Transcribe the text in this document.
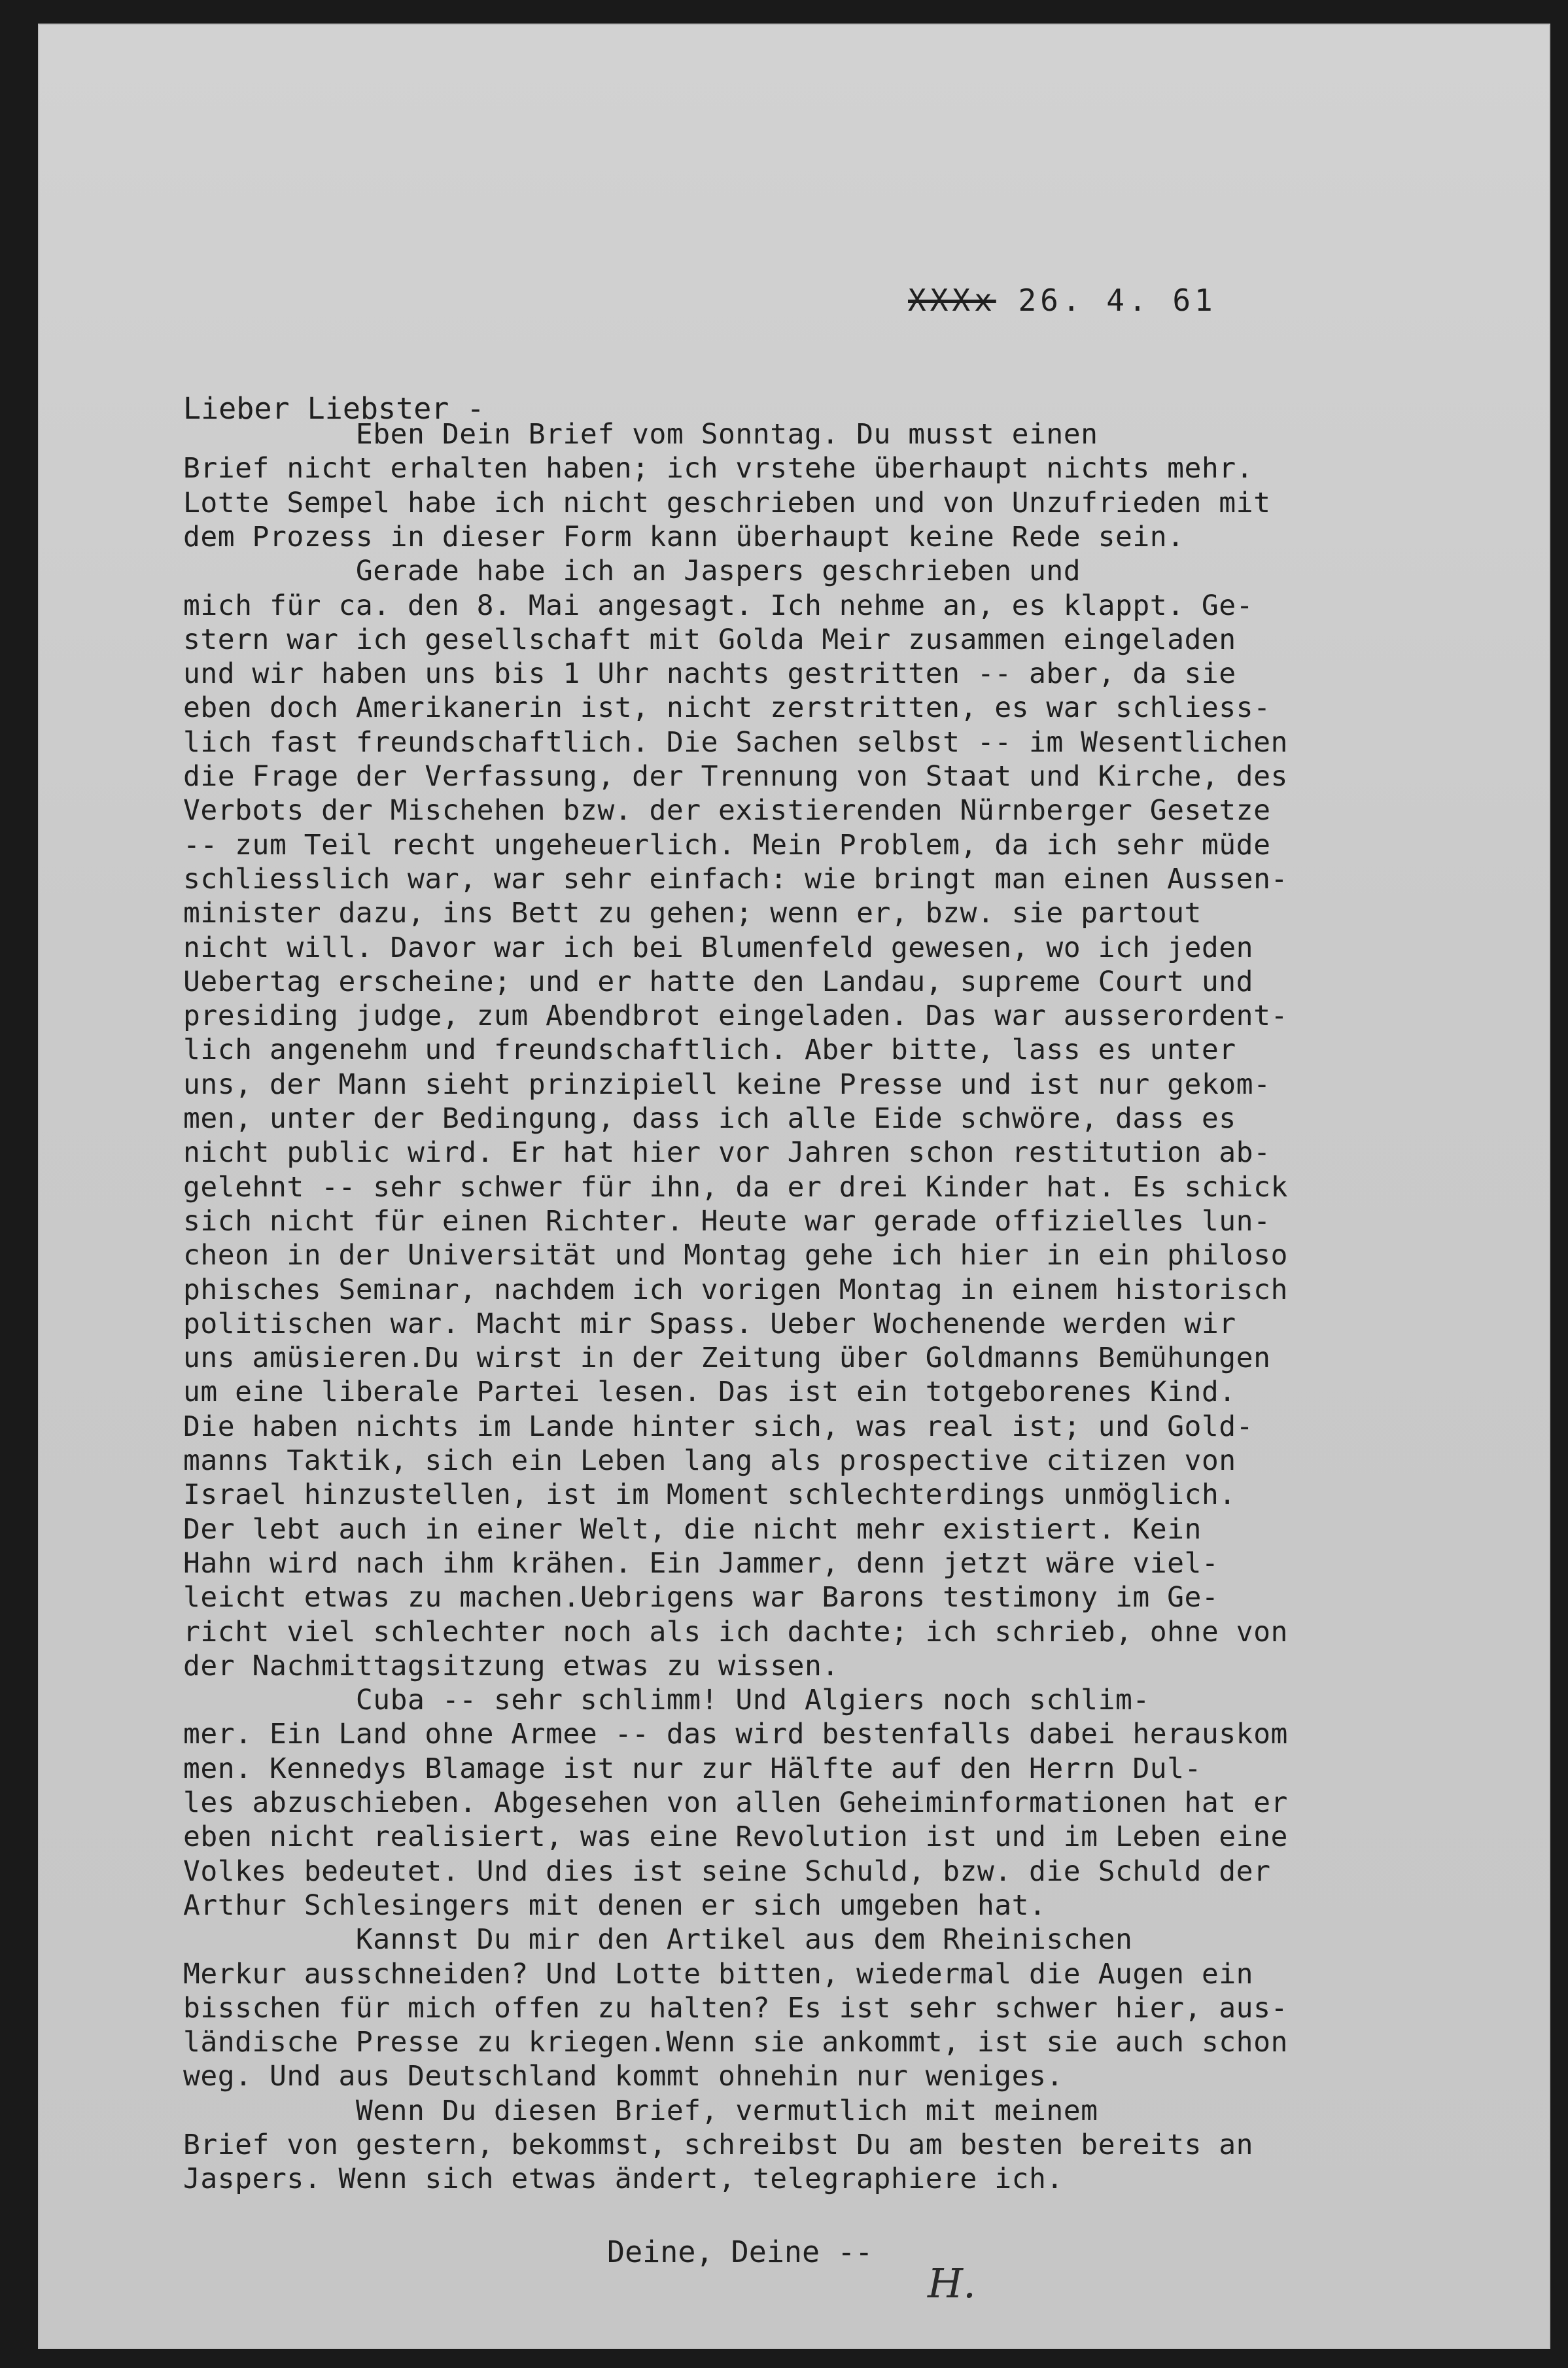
XXXx 26. 4. 61
Lieber Liebster -
Eben Dein Brief vom Sonntag. Du musst einen
Brief nicht erhalten haben; ich vrstehe überhaupt nichts mehr.
Lotte Sempel habe ich nicht geschrieben und von Unzufrieden mit
dem Prozess in dieser Form kann überhaupt keine Rede sein.
Gerade habe ich an Jaspers geschrieben und
mich für ca. den 8. Mai angesagt. Ich nehme an, es klappt. Ge-
stern war ich gesellschaft mit Golda Meir zusammen eingeladen
und wir haben uns bis 1 Uhr nachts gestritten -- aber, da sie
eben doch Amerikanerin ist, nicht zerstritten, es war schliess-
lich fast freundschaftlich. Die Sachen selbst -- im Wesentlichen
die Frage der Verfassung, der Trennung von Staat und Kirche, des
Verbots der Mischehen bzw. der existierenden Nürnberger Gesetze
-- zum Teil recht ungeheuerlich. Mein Problem, da ich sehr müde
schliesslich war, war sehr einfach: wie bringt man einen Aussen-
minister dazu, ins Bett zu gehen; wenn er, bzw. sie partout
nicht will. Davor war ich bei Blumenfeld gewesen, wo ich jeden
Uebertag erscheine; und er hatte den Landau, supreme Court und
presiding judge, zum Abendbrot eingeladen. Das war ausserordent-
lich angenehm und freundschaftlich. Aber bitte, lass es unter
uns, der Mann sieht prinzipiell keine Presse und ist nur gekom-
men, unter der Bedingung, dass ich alle Eide schwöre, dass es
nicht public wird. Er hat hier vor Jahren schon restitution ab-
gelehnt -- sehr schwer für ihn, da er drei Kinder hat. Es schick
sich nicht für einen Richter. Heute war gerade offizielles lun-
cheon in der Universität und Montag gehe ich hier in ein philoso
phisches Seminar, nachdem ich vorigen Montag in einem historisch
politischen war. Macht mir Spass. Ueber Wochenende werden wir
uns amüsieren.Du wirst in der Zeitung über Goldmanns Bemühungen
um eine liberale Partei lesen. Das ist ein totgeborenes Kind.
Die haben nichts im Lande hinter sich, was real ist; und Gold-
manns Taktik, sich ein Leben lang als prospective citizen von
Israel hinzustellen, ist im Moment schlechterdings unmöglich.
Der lebt auch in einer Welt, die nicht mehr existiert. Kein
Hahn wird nach ihm krähen. Ein Jammer, denn jetzt wäre viel-
leicht etwas zu machen.Uebrigens war Barons testimony im Ge-
richt viel schlechter noch als ich dachte; ich schrieb, ohne von
der Nachmittagsitzung etwas zu wissen.
Cuba -- sehr schlimm! Und Algiers noch schlim-
mer. Ein Land ohne Armee -- das wird bestenfalls dabei herauskom
men. Kennedys Blamage ist nur zur Hälfte auf den Herrn Dul-
les abzuschieben. Abgesehen von allen Geheiminformationen hat er
eben nicht realisiert, was eine Revolution ist und im Leben eine
Volkes bedeutet. Und dies ist seine Schuld, bzw. die Schuld der
Arthur Schlesingers mit denen er sich umgeben hat.
Kannst Du mir den Artikel aus dem Rheinischen
Merkur ausschneiden? Und Lotte bitten, wiedermal die Augen ein
bisschen für mich offen zu halten? Es ist sehr schwer hier, aus-
ländische Presse zu kriegen.Wenn sie ankommt, ist sie auch schon
weg. Und aus Deutschland kommt ohnehin nur weniges.
Wenn Du diesen Brief, vermutlich mit meinem
Brief von gestern, bekommst, schreibst Du am besten bereits an
Jaspers. Wenn sich etwas ändert, telegraphiere ich.
Deine, Deine --
H.
